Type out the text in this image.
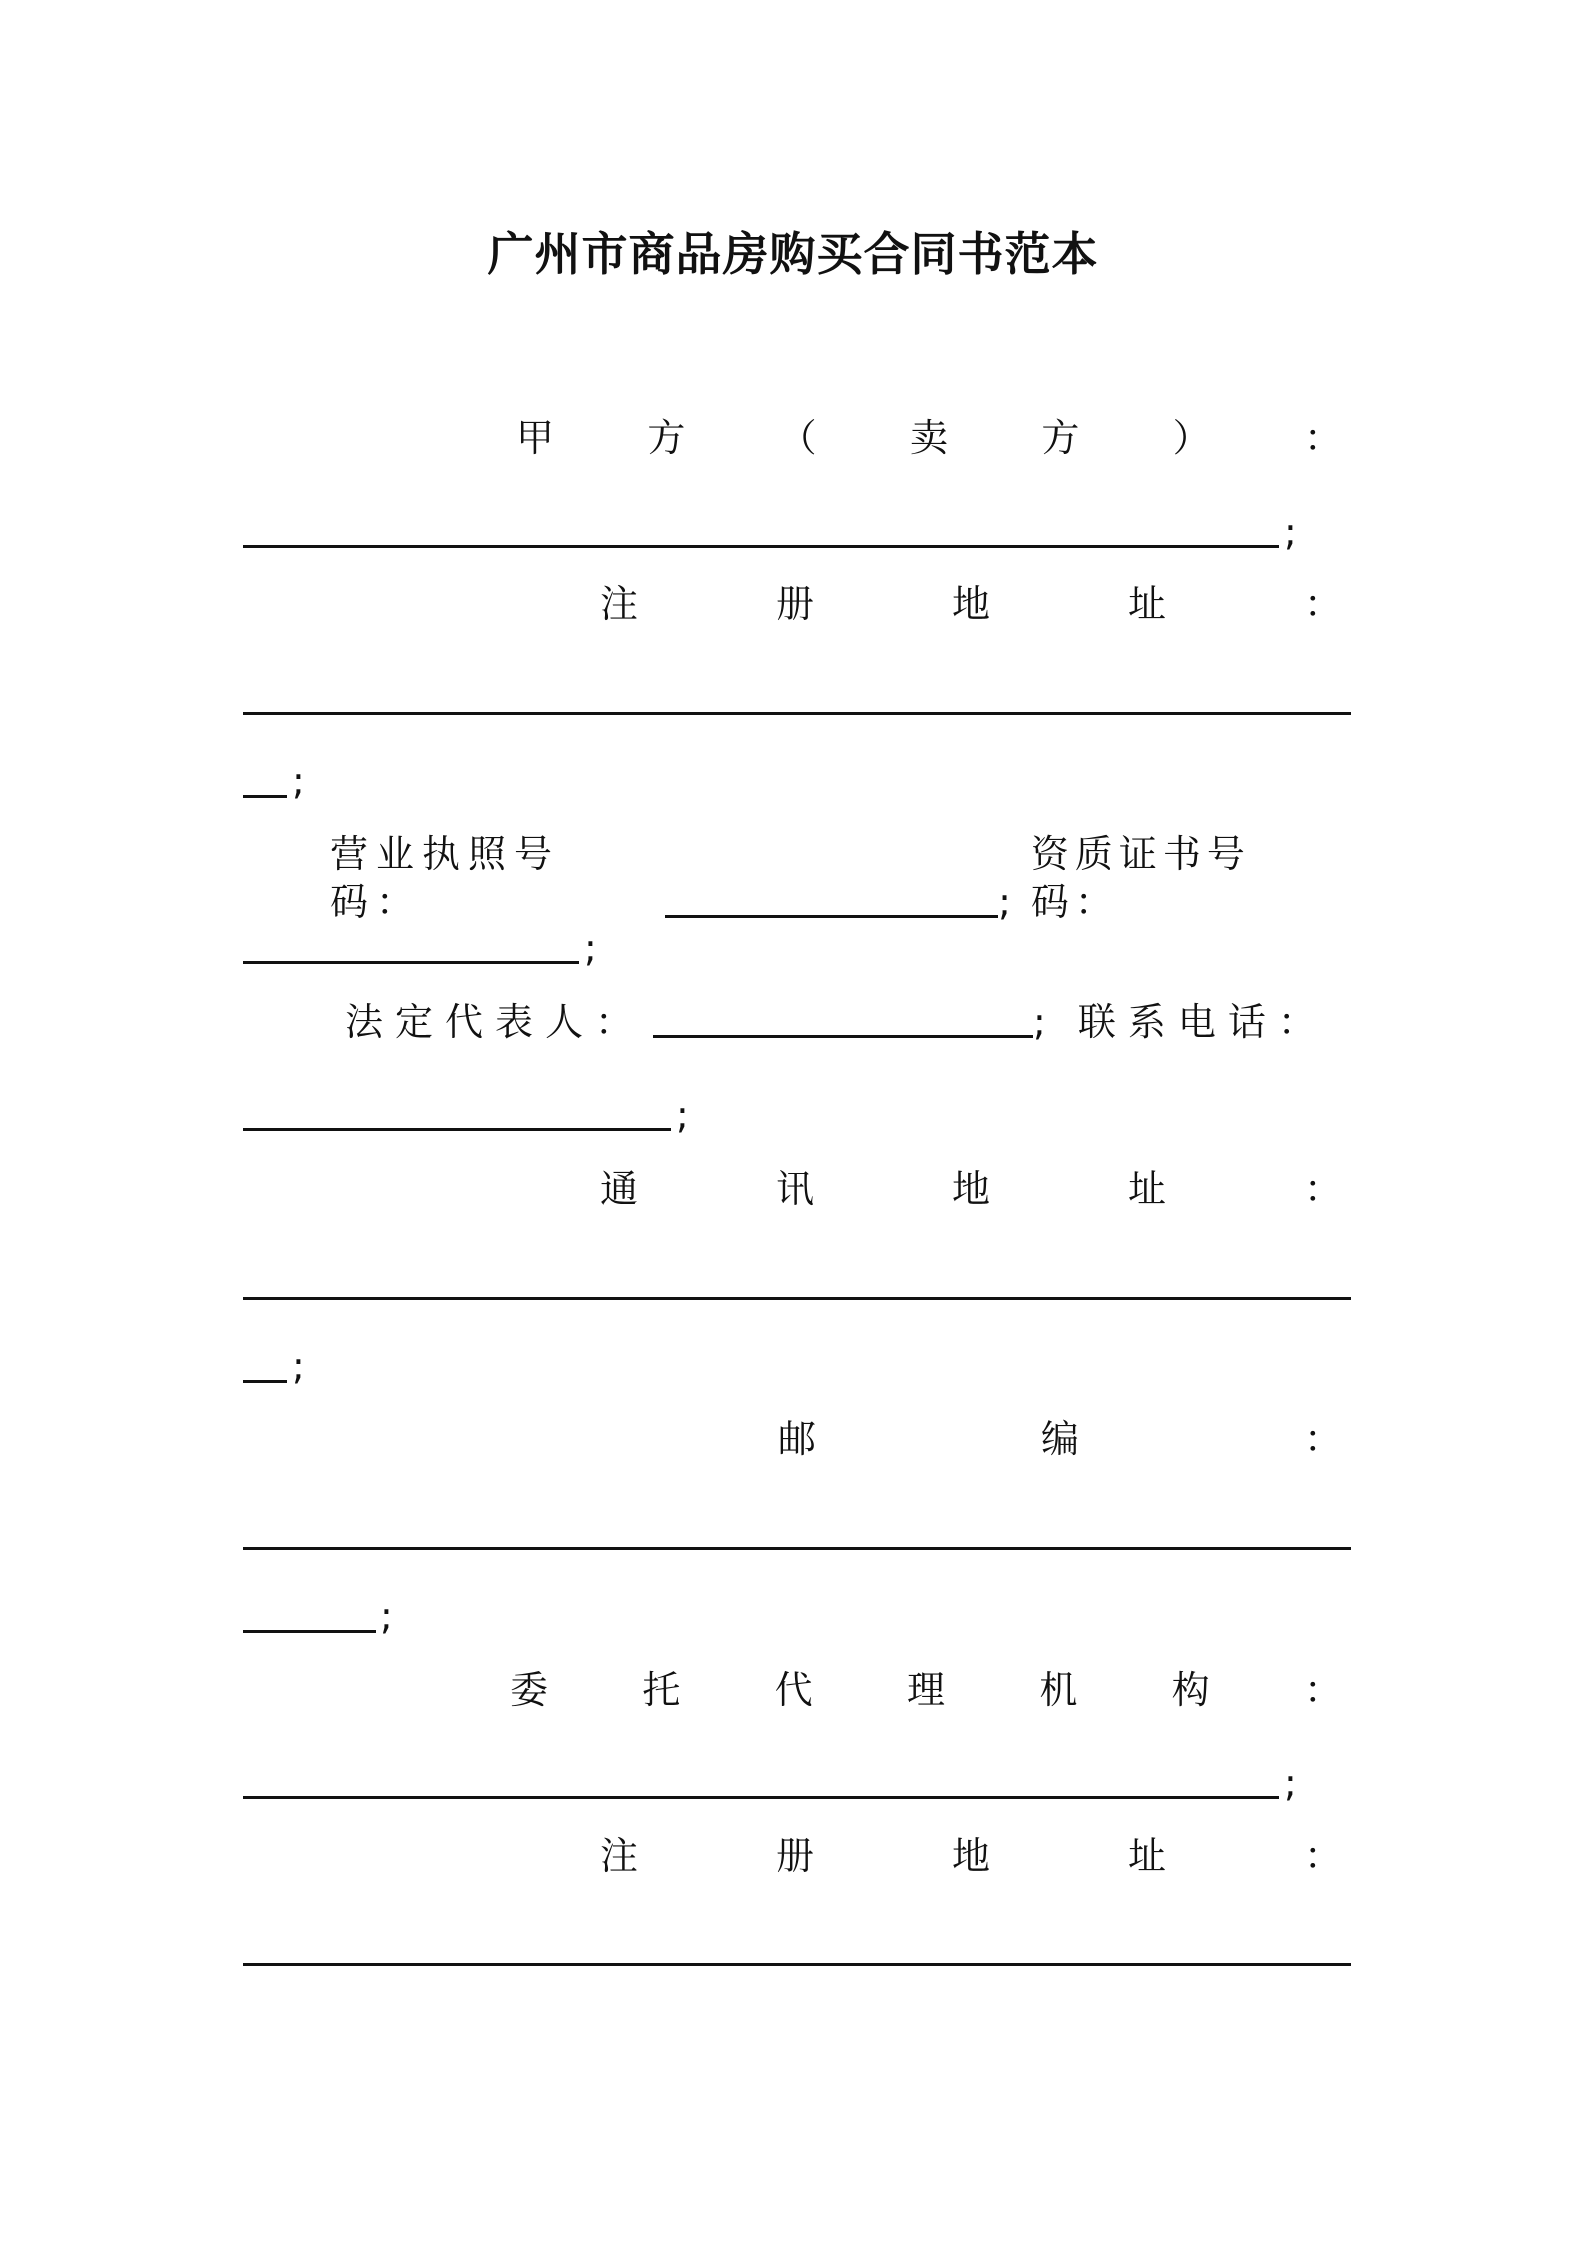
广州市商品房购买合同书范本
甲 方 （ 卖 方 ） ：
;
注	册	地	址	：
;
营业执照号码：	;
资质证书号码：
;
法定代表人：	; 联系电话：
;
通	讯	地	址	：
;
邮	编	：
;
委 托 代 理 机 构 ：
;
注	册	地	址	：
